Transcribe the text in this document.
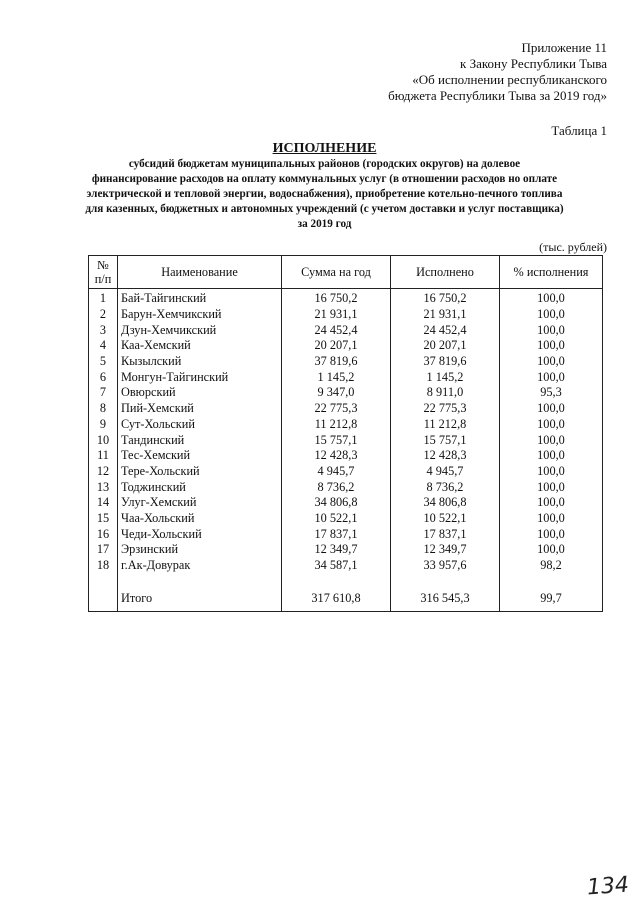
Приложение 11
к Закону Республики Тыва
«Об исполнении республиканского
бюджета Республики Тыва за 2019 год»
Таблица 1
ИСПОЛНЕНИЕ
субсидий бюджетам муниципальных районов (городских округов) на долевое
финансирование расходов на оплату коммунальных услуг (в отношении расходов но оплате
электрической и тепловой энергии, водоснабжения), приобретение котельно-печного топлива
для казенных, бюджетных и автономных учреждений (с учетом доставки и услуг поставщика)
за 2019 год
(тыс. рублей)
№
п/п	Наименование	Сумма на год	Исполнено	% исполнения
1	Бай-Тайгинский	16 750,2	16 750,2	100,0
2	Барун-Хемчикский	21 931,1	21 931,1	100,0
3	Дзун-Хемчикский	24 452,4	24 452,4	100,0
4	Каа-Хемский	20 207,1	20 207,1	100,0
5	Кызылский	37 819,6	37 819,6	100,0
6	Монгун-Тайгинский	1 145,2	1 145,2	100,0
7	Овюрский	9 347,0	8 911,0	95,3
8	Пий-Хемский	22 775,3	22 775,3	100,0
9	Сут-Хольский	11 212,8	11 212,8	100,0
10	Тандинский	15 757,1	15 757,1	100,0
11	Тес-Хемский	12 428,3	12 428,3	100,0
12	Тере-Хольский	4 945,7	4 945,7	100,0
13	Тоджинский	8 736,2	8 736,2	100,0
14	Улуг-Хемский	34 806,8	34 806,8	100,0
15	Чаа-Хольский	10 522,1	10 522,1	100,0
16	Чеди-Хольский	17 837,1	17 837,1	100,0
17	Эрзинский	12 349,7	12 349,7	100,0
18	г.Ак-Довурак	34 587,1	33 957,6	98,2

	Итого	317 610,8	316 545,3	99,7
134
